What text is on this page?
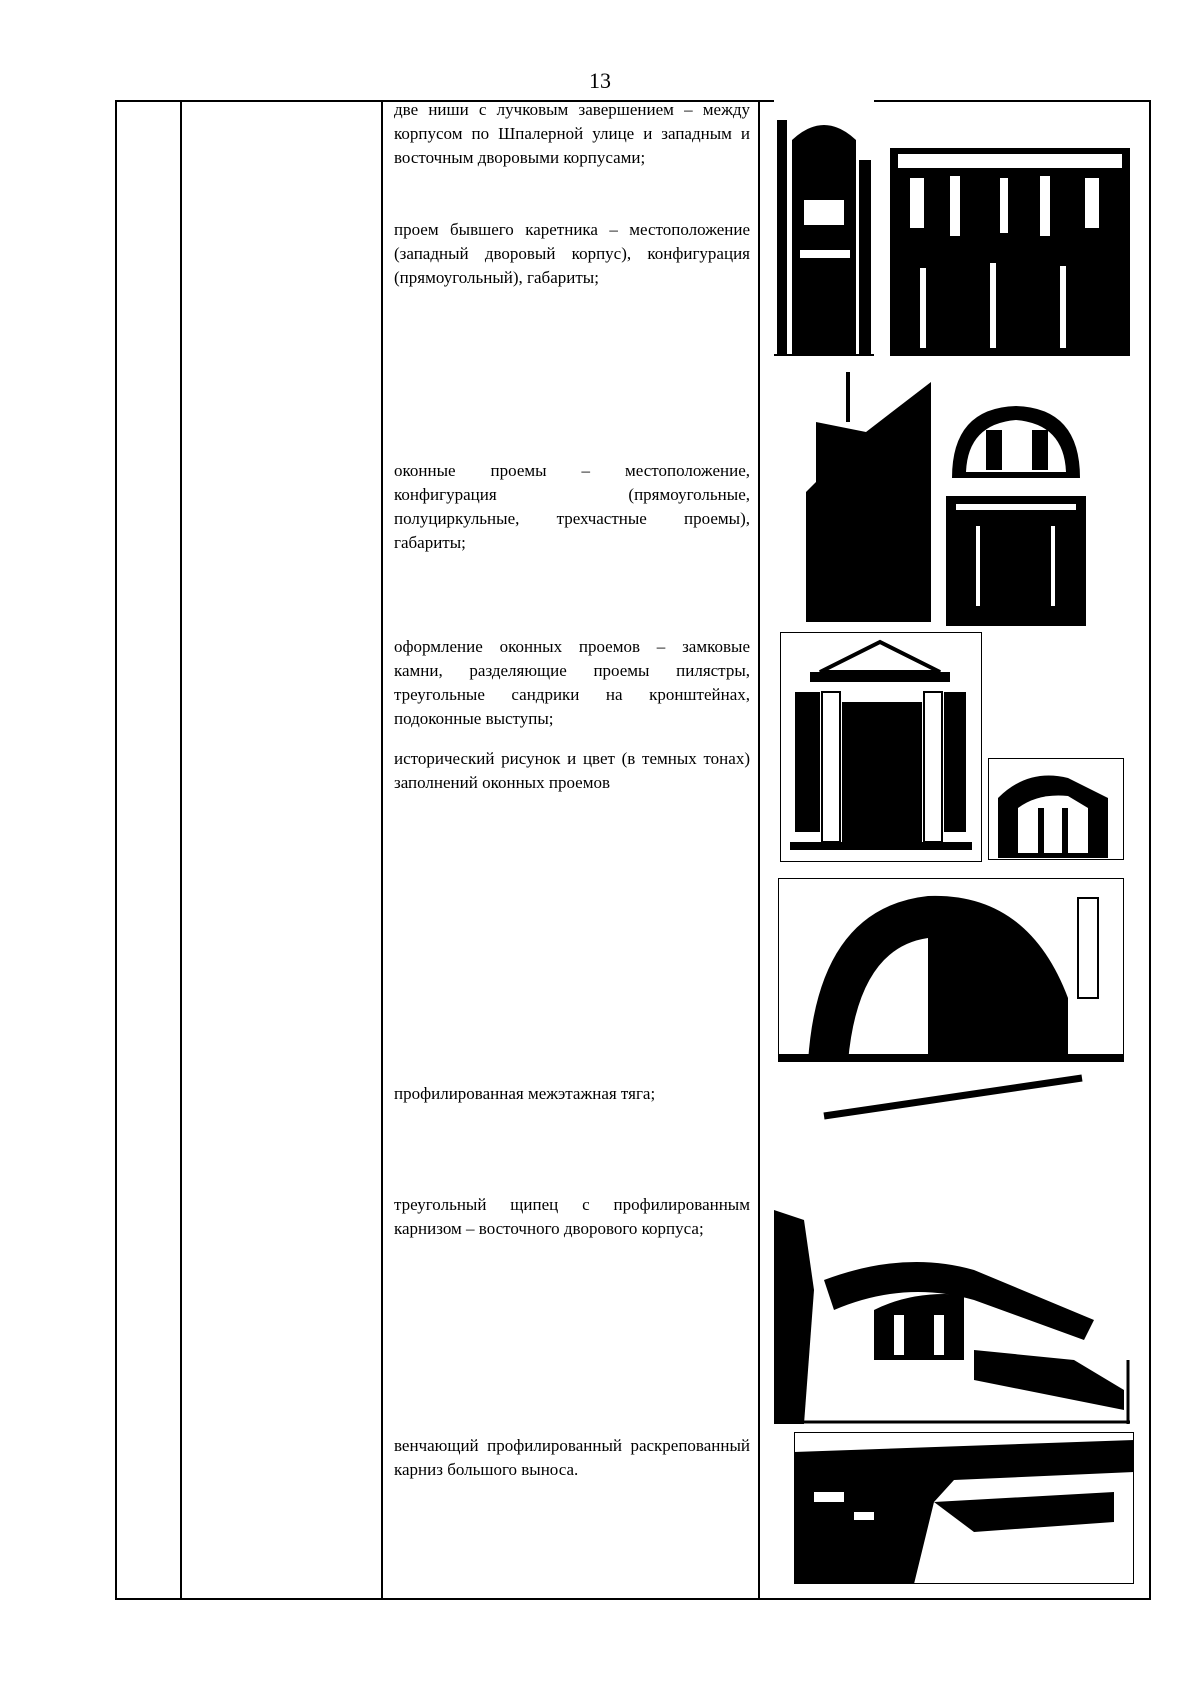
13
две ниши с лучковым завершением – между корпусом по Шпалерной улице и западным и восточным дворовыми корпусами;
проем бывшего каретника – местоположение (западный дворовый корпус), конфигурация (прямоугольный), габариты;
оконные проемы – местоположение, конфигурация (прямоугольные, полуциркульные, трехчастные проемы), габариты;
оформление оконных проемов – замковые камни, разделяющие проемы пилястры, треугольные сандрики на кронштейнах, подоконные выступы;
исторический рисунок и цвет (в темных тонах) заполнений оконных проемов
профилированная межэтажная тяга;
треугольный щипец с профилированным карнизом – восточного дворового корпуса;
венчающий профилированный раскрепованный карниз большого выноса.
